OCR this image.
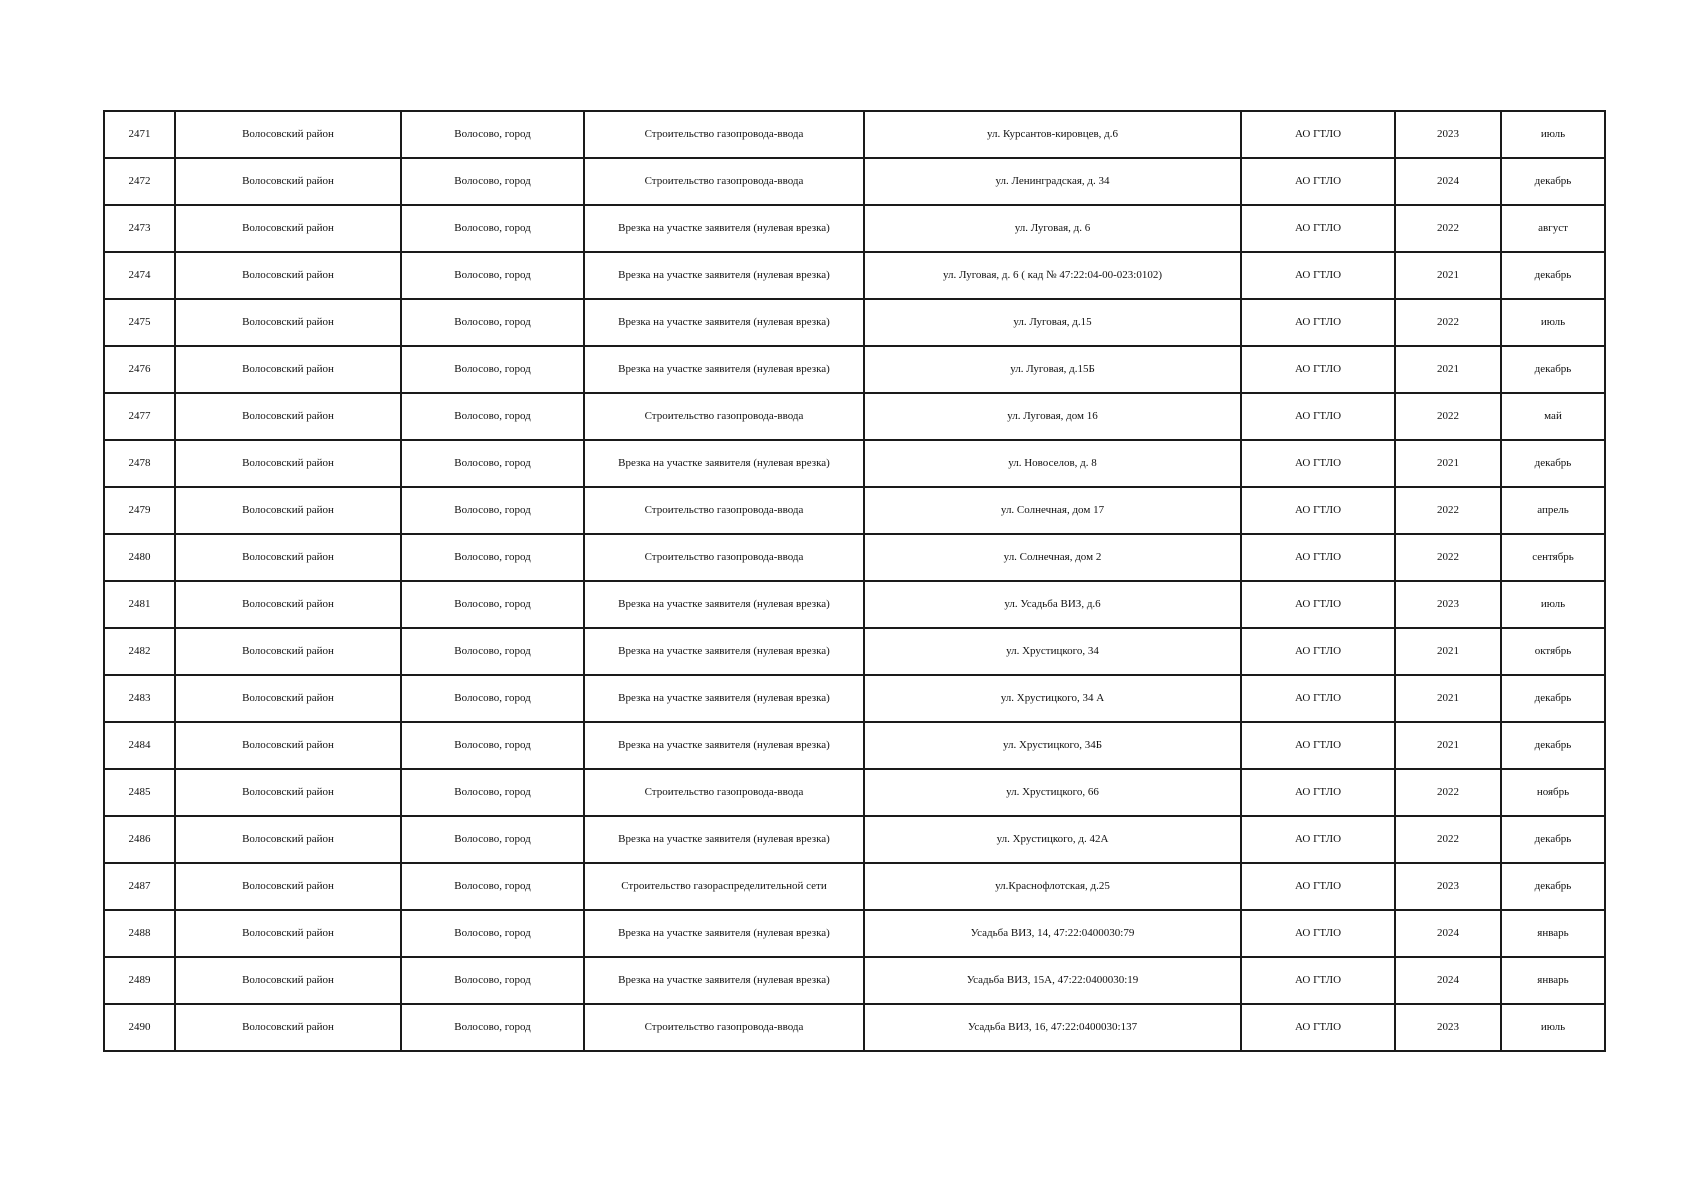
2471	Волосовский район	Волосово, город	Строительство газопровода-ввода	ул. Курсантов-кировцев, д.6	АО ГТЛО	2023	июль
2472	Волосовский район	Волосово, город	Строительство газопровода-ввода	ул. Ленинградская, д. 34	АО ГТЛО	2024	декабрь
2473	Волосовский район	Волосово, город	Врезка на участке заявителя (нулевая врезка)	ул. Луговая, д. 6	АО ГТЛО	2022	август
2474	Волосовский район	Волосово, город	Врезка на участке заявителя (нулевая врезка)	ул. Луговая, д. 6 ( кад № 47:22:04-00-023:0102)	АО ГТЛО	2021	декабрь
2475	Волосовский район	Волосово, город	Врезка на участке заявителя (нулевая врезка)	ул. Луговая, д.15	АО ГТЛО	2022	июль
2476	Волосовский район	Волосово, город	Врезка на участке заявителя (нулевая врезка)	ул. Луговая, д.15Б	АО ГТЛО	2021	декабрь
2477	Волосовский район	Волосово, город	Строительство газопровода-ввода	ул. Луговая, дом 16	АО ГТЛО	2022	май
2478	Волосовский район	Волосово, город	Врезка на участке заявителя (нулевая врезка)	ул. Новоселов, д. 8	АО ГТЛО	2021	декабрь
2479	Волосовский район	Волосово, город	Строительство газопровода-ввода	ул. Солнечная, дом 17	АО ГТЛО	2022	апрель
2480	Волосовский район	Волосово, город	Строительство газопровода-ввода	ул. Солнечная, дом 2	АО ГТЛО	2022	сентябрь
2481	Волосовский район	Волосово, город	Врезка на участке заявителя (нулевая врезка)	ул. Усадьба ВИЗ, д.6	АО ГТЛО	2023	июль
2482	Волосовский район	Волосово, город	Врезка на участке заявителя (нулевая врезка)	ул. Хрустицкого, 34	АО ГТЛО	2021	октябрь
2483	Волосовский район	Волосово, город	Врезка на участке заявителя (нулевая врезка)	ул. Хрустицкого, 34 А	АО ГТЛО	2021	декабрь
2484	Волосовский район	Волосово, город	Врезка на участке заявителя (нулевая врезка)	ул. Хрустицкого, 34Б	АО ГТЛО	2021	декабрь
2485	Волосовский район	Волосово, город	Строительство газопровода-ввода	ул. Хрустицкого, 66	АО ГТЛО	2022	ноябрь
2486	Волосовский район	Волосово, город	Врезка на участке заявителя (нулевая врезка)	ул. Хрустицкого, д. 42А	АО ГТЛО	2022	декабрь
2487	Волосовский район	Волосово, город	Строительство газораспределительной сети	ул.Краснофлотская, д.25	АО ГТЛО	2023	декабрь
2488	Волосовский район	Волосово, город	Врезка на участке заявителя (нулевая врезка)	Усадьба ВИЗ, 14, 47:22:0400030:79	АО ГТЛО	2024	январь
2489	Волосовский район	Волосово, город	Врезка на участке заявителя (нулевая врезка)	Усадьба ВИЗ, 15А, 47:22:0400030:19	АО ГТЛО	2024	январь
2490	Волосовский район	Волосово, город	Строительство газопровода-ввода	Усадьба ВИЗ, 16, 47:22:0400030:137	АО ГТЛО	2023	июль
